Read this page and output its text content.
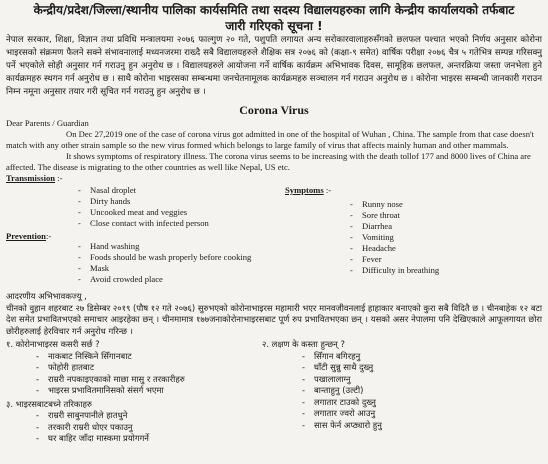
केन्द्रीय/प्रदेश/जिल्ला/स्थानीय पालिका कार्यसमिति तथा सदस्य विद्यालयहरुका लागि केन्द्रीय कार्यालयको तर्फबाट
जारी गरिएको सूचना !
नेपाल सरकार, शिक्षा, विज्ञान तथा प्रविधि मन्त्रालयमा २०७६ फाल्गुण २० गते, पशुपति लगायत अन्य सरोकारवालाहरुसँगको छलफल पश्चात भएको निर्णय अनुसार कोरोना भाइरसको संक्रमण फैलने सक्ने संभावनालाई मध्यनजरमा राख्दै सबै विद्यालयहरुले शैक्षिक सत्र २०७६ को (कक्षा-९ समेत) वार्षिक परीक्षा २०७६ चैत्र ५ गतेभित्र सम्पन्न गरिसक्नु पर्ने भएकोले सोही अनुसार गर्न गराउनु हुन अनुरोध छ । विद्यालयहरुले आयोजना गर्ने वार्षिक कार्यक्रम अभिभावक दिवस, सामूहिक छलफल, अन्तरक्रिया जस्ता जनभेला हुने कार्यक्रमहरु स्थगन गर्न अनुरोध छ । साथै कोरोना भाइरसका सम्बन्धमा जनचेतनामूलक कार्यक्रमहरु सञ्चालन गर्न गराउन अनुरोध छ । कोरोना भाइरस सम्बन्धी जानकारी गराउन निम्न नमूना अनुसार तयार गरी सूचित गर्न गराउनु हुन अनुरोध छ ।
Corona Virus
Dear Parents / Guardian
On Dec 27,2019 one of the case of corona virus got admitted in one of the hospital of Wuhan , China. The sample from that case doesn't match with any other strain sample so the new virus formed which belongs to large family of virus that affects mainly human and other mammals.
It shows symptoms of respiratory illness. The corona virus seems to be increasing with the death tollof 177 and 8000 lives of China are affected. The disease is migrating to the other countries as well like Nepal, US etc.
Transmission :-
- Nasal droplet
- Dirty hands
- Uncooked meat and veggies
- Close contact with infected person
Symptoms :-
Prevention:-
- Hand washing
- Foods should be wash properly before cooking
- Mask
- Avoid crowded place
- Runny nose
- Sore throat
- Diarrhea
- Vomiting
- Headache
- Fever
- Difficulty in breathing
आदरणीय अभिभावकज्यू ,
चीनको वुहान शहरबाट २७ डिसेम्बर २०१९ (पौष १२ गते २०७६) सुरुभएको कोरोनाभाइरस महामारी भएर मानवजीवनलाई हाहाकार बनाएको कुरा सबै विदितै छ । चीनबाहेक १२ बटा देश समेत प्रभावितभएको समाचार आइरहेका छन् । चीनमामात्र १७७जनाकोरोनाभाइरसबाट पूर्ण रुप प्रभावितभएका छन् । यसको असर नेपालमा पनि देखिएकाले आफूलगायत छोरा छोरीहरुलाई हेरविचार गर्न अनुरोध गरिन्छ ।
१. कोरोनाभाइरस कसरी सर्छ ?
- नाकबाट निस्किने सिँगानबाट
- फोहोरी हातबाट
- राम्ररी नपकाइएकाको माछा मासु र तरकारीहरु
- भाइरस प्रभावितमानिसको संसर्ग भएमा
३. भाइरसबाटबच्ने तरिकाहरु
- राम्ररी साबुनपानीले हातधुने
- तरकारी राम्ररी धोएर पकाउनु
- घर बाहिर जाँदा मास्कमा प्रयोगगर्ने
२. लक्षण के कस्ता हुन्छन् ?
- सिँगान बगिरहनु
- घाँटी सुन्नु साथै दुख्नु
- पखालालाग्नु
- बान्ताहुनु (उल्टी)
- लगातार टाउको दुख्नु
- लगातार ज्वरो आउनु
- सास फेर्न अप्ठ्यारो हुनु
